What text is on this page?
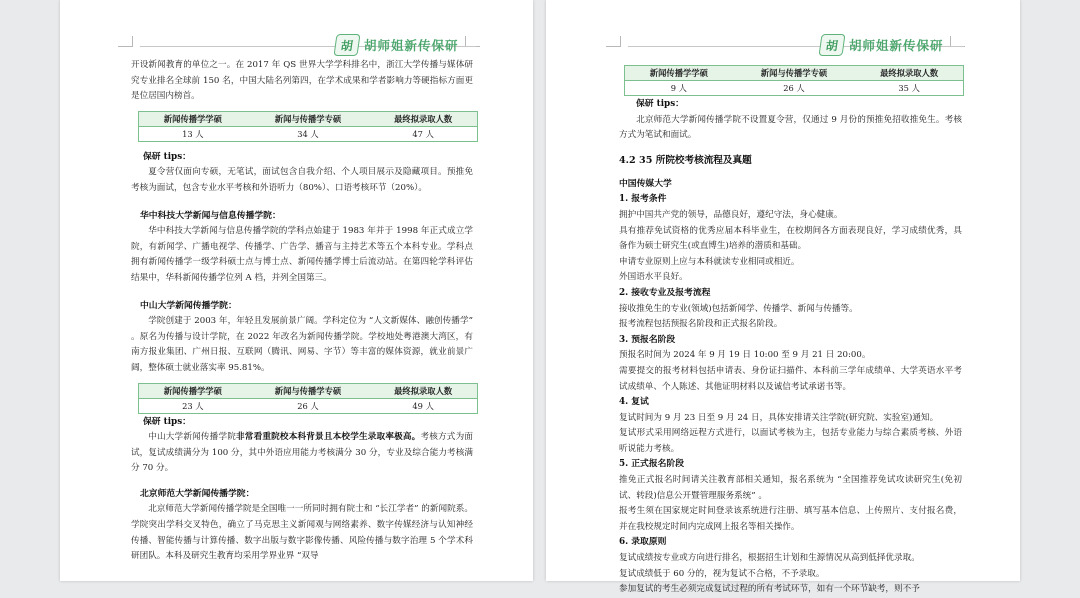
胡 胡师姐新传保研

开设新闻教育的单位之一。在 2017 年 QS 世界大学学科排名中，浙江大学传播与媒体研究专业排名全球前 150 名，中国大陆名列第四，在学术成果和学者影响力等硬指标方面更是位居国内榜首。

新闻传播学学硕	新闻与传播学专硕	最终拟录取人数
13 人	34 人	47 人

保研 tips：

夏令营仅面向专硕，无笔试，面试包含自我介绍、个人项目展示及隐藏项目。预推免考核为面试，包含专业水平考核和外语听力（80%）、口语考核环节（20%）。

华中科技大学新闻与信息传播学院：

华中科技大学新闻与信息传播学院的学科点始建于 1983 年并于 1998 年正式成立学院，有新闻学、广播电视学、传播学、广告学、播音与主持艺术等五个本科专业。学科点拥有新闻传播学一级学科硕士点与博士点、新闻传播学博士后流动站。在第四轮学科评估结果中，华科新闻传播学位列 A 档，并列全国第三。

中山大学新闻传播学院：

学院创建于 2003 年，年轻且发展前景广阔。学科定位为 “人文新媒体、融创传播学” 。原名为传播与设计学院，在 2022 年改名为新闻传播学院。学校地处粤港澳大湾区，有南方报业集团、广州日报、互联网（腾讯、网易、字节）等丰富的媒体资源，就业前景广阔，整体硕士就业落实率 95.81%。

新闻传播学学硕	新闻与传播学专硕	最终拟录取人数
23 人	26 人	49 人

保研 tips：

中山大学新闻传播学院非常看重院校本科背景且本校学生录取率极高。考核方式为面试，复试成绩满分为 100 分，其中外语应用能力考核满分 30 分，专业及综合能力考核满分 70 分。

北京师范大学新闻传播学院：

北京师范大学新闻传播学院是全国唯一一所同时拥有院士和 “长江学者” 的新闻院系。学院突出学科交叉特色，确立了马克思主义新闻观与网络素养、数字传媒经济与认知神经传播、智能传播与计算传播、数字出版与数字影像传播、风险传播与数字治理 5 个学术科研团队。本科及研究生教育均采用学界业界 “双导

胡 胡师姐新传保研
新闻传播学学硕	新闻与传播学专硕	最终拟录取人数
9 人	26 人	35 人

保研 tips：

北京师范大学新闻传播学院不设置夏令营，仅通过 9 月份的预推免招收推免生。考核方式为笔试和面试。

4.2 35 所院校考核流程及真题

中国传媒大学

1. 报考条件

拥护中国共产党的领导，品德良好，遵纪守法，身心健康。

具有推荐免试资格的优秀应届本科毕业生，在校期间各方面表现良好，学习成绩优秀，具备作为硕士研究生(或直博生)培养的潜质和基础。

申请专业原则上应与本科就读专业相同或相近。

外国语水平良好。

2. 接收专业及报考流程

接收推免生的专业(领域)包括新闻学、传播学、新闻与传播等。

报考流程包括预报名阶段和正式报名阶段。

3. 预报名阶段

预报名时间为 2024 年 9 月 19 日 10:00 至 9 月 21 日 20:00。

需要提交的报考材料包括申请表、身份证扫描件、本科前三学年成绩单、大学英语水平考试成绩单、个人陈述、其他证明材料以及诚信考试承诺书等。

4. 复试

复试时间为 9 月 23 日至 9 月 24 日，具体安排请关注学院(研究院、实验室)通知。

复试形式采用网络远程方式进行，以面试考核为主，包括专业能力与综合素质考核、外语听说能力考核。

5. 正式报名阶段

推免正式报名时间请关注教育部相关通知，报名系统为 “全国推荐免试攻读研究生(免初试、转段)信息公开暨管理服务系统” 。

报考生须在国家规定时间登录该系统进行注册、填写基本信息、上传照片、支付报名费，并在我校规定时间内完成网上报名等相关操作。

6. 录取原则

复试成绩按专业或方向进行排名，根据招生计划和生源情况从高到低择优录取。

复试成绩低于 60 分的，视为复试不合格，不予录取。

参加复试的考生必须完成复试过程的所有考试环节，如有一个环节缺考，则不予
